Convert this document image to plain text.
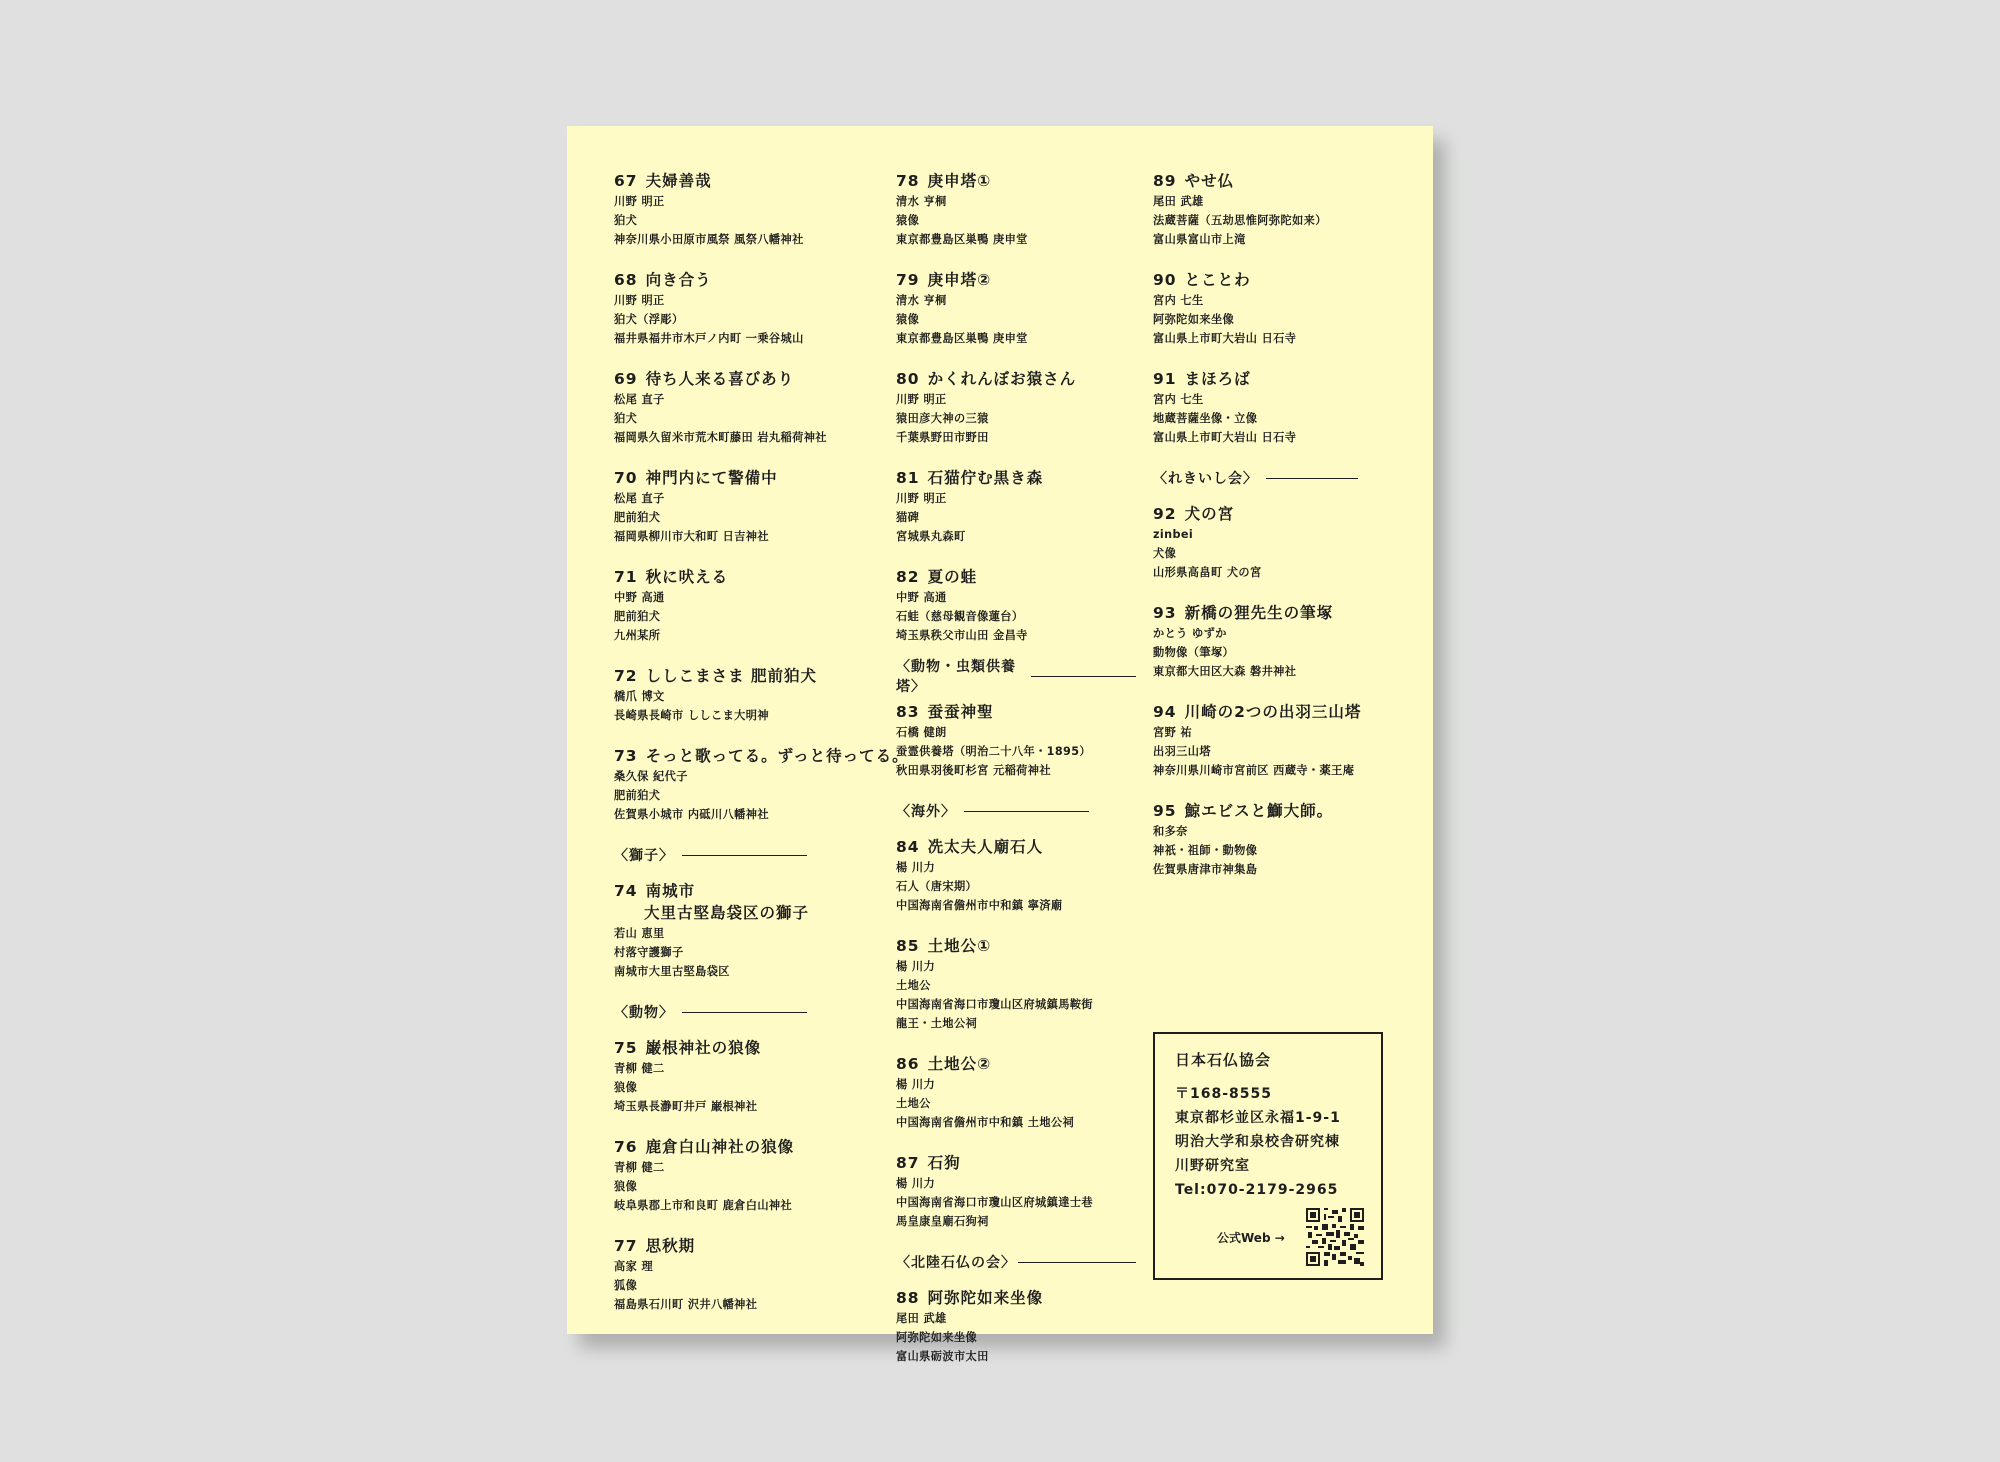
67 夫婦善哉
川野 明正
狛犬
神奈川県小田原市風祭 風祭八幡神社
68 向き合う
川野 明正
狛犬（浮彫）
福井県福井市木戸ノ内町 一乗谷城山
69 待ち人来る喜びあり
松尾 直子
狛犬
福岡県久留米市荒木町藤田 岩丸稲荷神社
70 神門内にて警備中
松尾 直子
肥前狛犬
福岡県柳川市大和町 日吉神社
71 秋に吠える
中野 高通
肥前狛犬
九州某所
72 ししこまさま 肥前狛犬
橋爪 博文
長崎県長崎市 ししこま大明神
73 そっと歌ってる。ずっと待ってる。
桑久保 紀代子
肥前狛犬
佐賀県小城市 内砥川八幡神社
〈獅子〉
74 南城市
大里古堅島袋区の獅子
若山 恵里
村落守護獅子
南城市大里古堅島袋区
〈動物〉
75 巌根神社の狼像
青柳 健二
狼像
埼玉県長瀞町井戸 巌根神社
76 鹿倉白山神社の狼像
青柳 健二
狼像
岐阜県郡上市和良町 鹿倉白山神社
77 思秋期
高家 理
狐像
福島県石川町 沢井八幡神社
78 庚申塔①
清水 亨桐
猿像
東京都豊島区巣鴨 庚申堂
79 庚申塔②
清水 亨桐
猿像
東京都豊島区巣鴨 庚申堂
80 かくれんぼお猿さん
川野 明正
猿田彦大神の三猿
千葉県野田市野田
81 石猫佇む黒き森
川野 明正
猫碑
宮城県丸森町
82 夏の蛙
中野 高通
石蛙（慈母観音像蓮台）
埼玉県秩父市山田 金昌寺
〈動物・虫類供養塔〉
83 蚕蚕神聖
石橋 健朗
蚕霊供養塔（明治二十八年・1895）
秋田県羽後町杉宮 元稲荷神社
〈海外〉
84 冼太夫人廟石人
楊 川力
石人（唐宋期）
中国海南省儋州市中和鎮 寧済廟
85 土地公①
楊 川力
土地公
中国海南省海口市瓊山区府城鎮馬鞍街
龍王・土地公祠
86 土地公②
楊 川力
土地公
中国海南省儋州市中和鎮 土地公祠
87 石狗
楊 川力
中国海南省海口市瓊山区府城鎮達士巷
馬皇康皇廟石狗祠
〈北陸石仏の会〉
88 阿弥陀如来坐像
尾田 武雄
阿弥陀如来坐像
富山県砺波市太田
89 やせ仏
尾田 武雄
法蔵菩薩（五劫思惟阿弥陀如来）
富山県富山市上滝
90 とことわ
宮内 七生
阿弥陀如来坐像
富山県上市町大岩山 日石寺
91 まほろば
宮内 七生
地蔵菩薩坐像・立像
富山県上市町大岩山 日石寺
〈れきいし会〉
92 犬の宮
zinbei
犬像
山形県高畠町 犬の宮
93 新橋の狸先生の筆塚
かとう ゆずか
動物像（筆塚）
東京都大田区大森 磐井神社
94 川崎の2つの出羽三山塔
宮野 祐
出羽三山塔
神奈川県川崎市宮前区 西蔵寺・薬王庵
95 鯨エビスと鰤大師。
和多奈
神祇・祖師・動物像
佐賀県唐津市神集島
日本石仏協会
〒168-8555
東京都杉並区永福1-9-1
明治大学和泉校舎研究棟
川野研究室
Tel:070-2179-2965
公式Web →
